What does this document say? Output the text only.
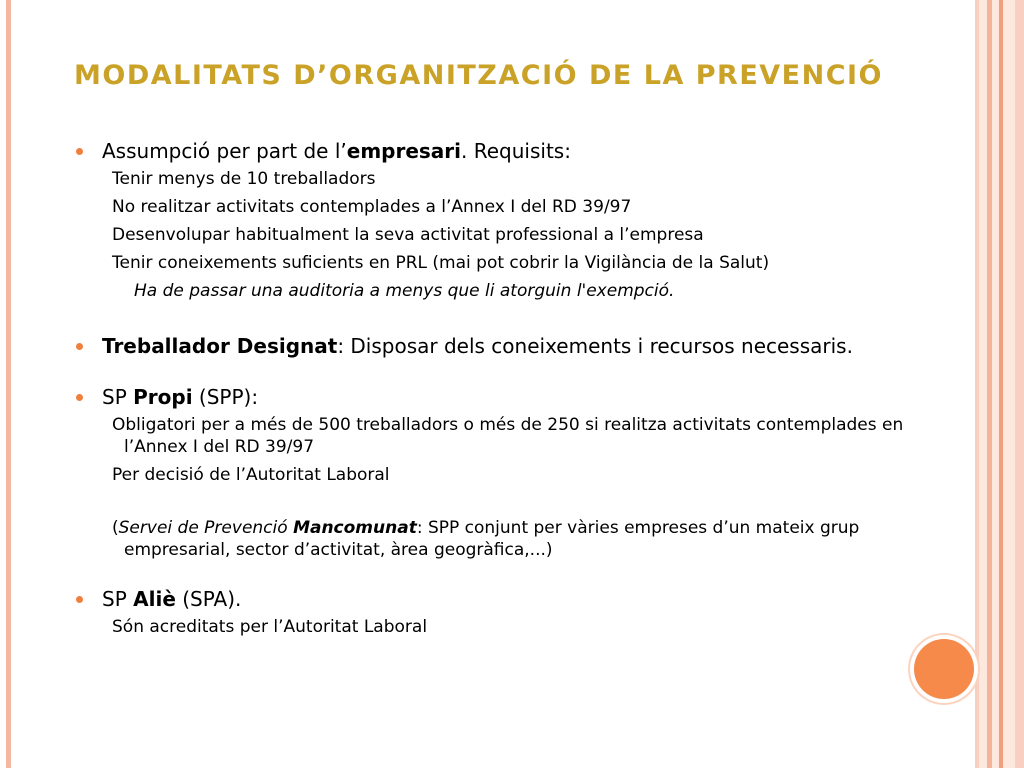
MODALITATS D’ORGANITZACIÓ DE LA PREVENCIÓ

Assumpció per part de l’empresari. Requisits:

Tenir menys de 10 treballadors
No realitzar activitats contemplades a l’Annex I del RD 39/97
Desenvolupar habitualment la seva activitat professional a l’empresa
Tenir coneixements suficients en PRL (mai pot cobrir la Vigilància de la Salut)
Ha de passar una auditoria a menys que li atorguin l'exempció.

Treballador Designat: Disposar dels coneixements i recursos necessaris.

SP Propi (SPP):

Obligatori per a més de 500 treballadors o més de 250 si realitza activitats contemplades en l’Annex I del RD 39/97
Per decisió de l’Autoritat Laboral
(Servei de Prevenció Mancomunat: SPP conjunt per vàries empreses d’un mateix grup empresarial, sector d’activitat, àrea geogràfica,...)

SP Aliè (SPA).

Són acreditats per l’Autoritat Laboral
